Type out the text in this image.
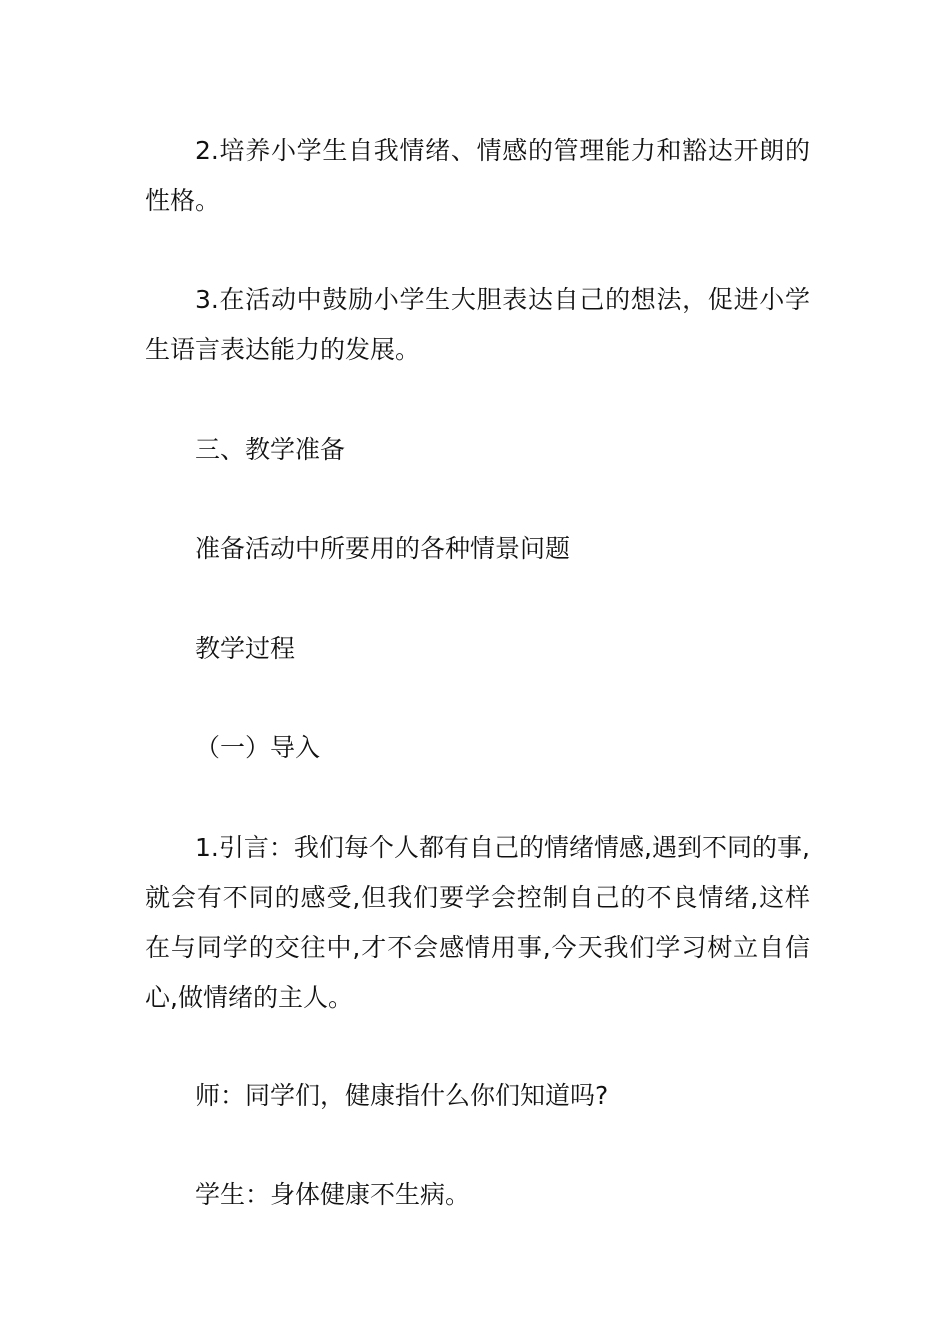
2.培养小学生自我情绪、情感的管理能力和豁达开朗的性格。

3.在活动中鼓励小学生大胆表达自己的想法，促进小学生语言表达能力的发展。

三、教学准备

准备活动中所要用的各种情景问题

教学过程

（一）导入

1.引言：我们每个人都有自己的情绪情感,遇到不同的事,就会有不同的感受,但我们要学会控制自己的不良情绪,这样在与同学的交往中,才不会感情用事,今天我们学习树立自信心,做情绪的主人。

师：同学们，健康指什么你们知道吗?

学生：身体健康不生病。
